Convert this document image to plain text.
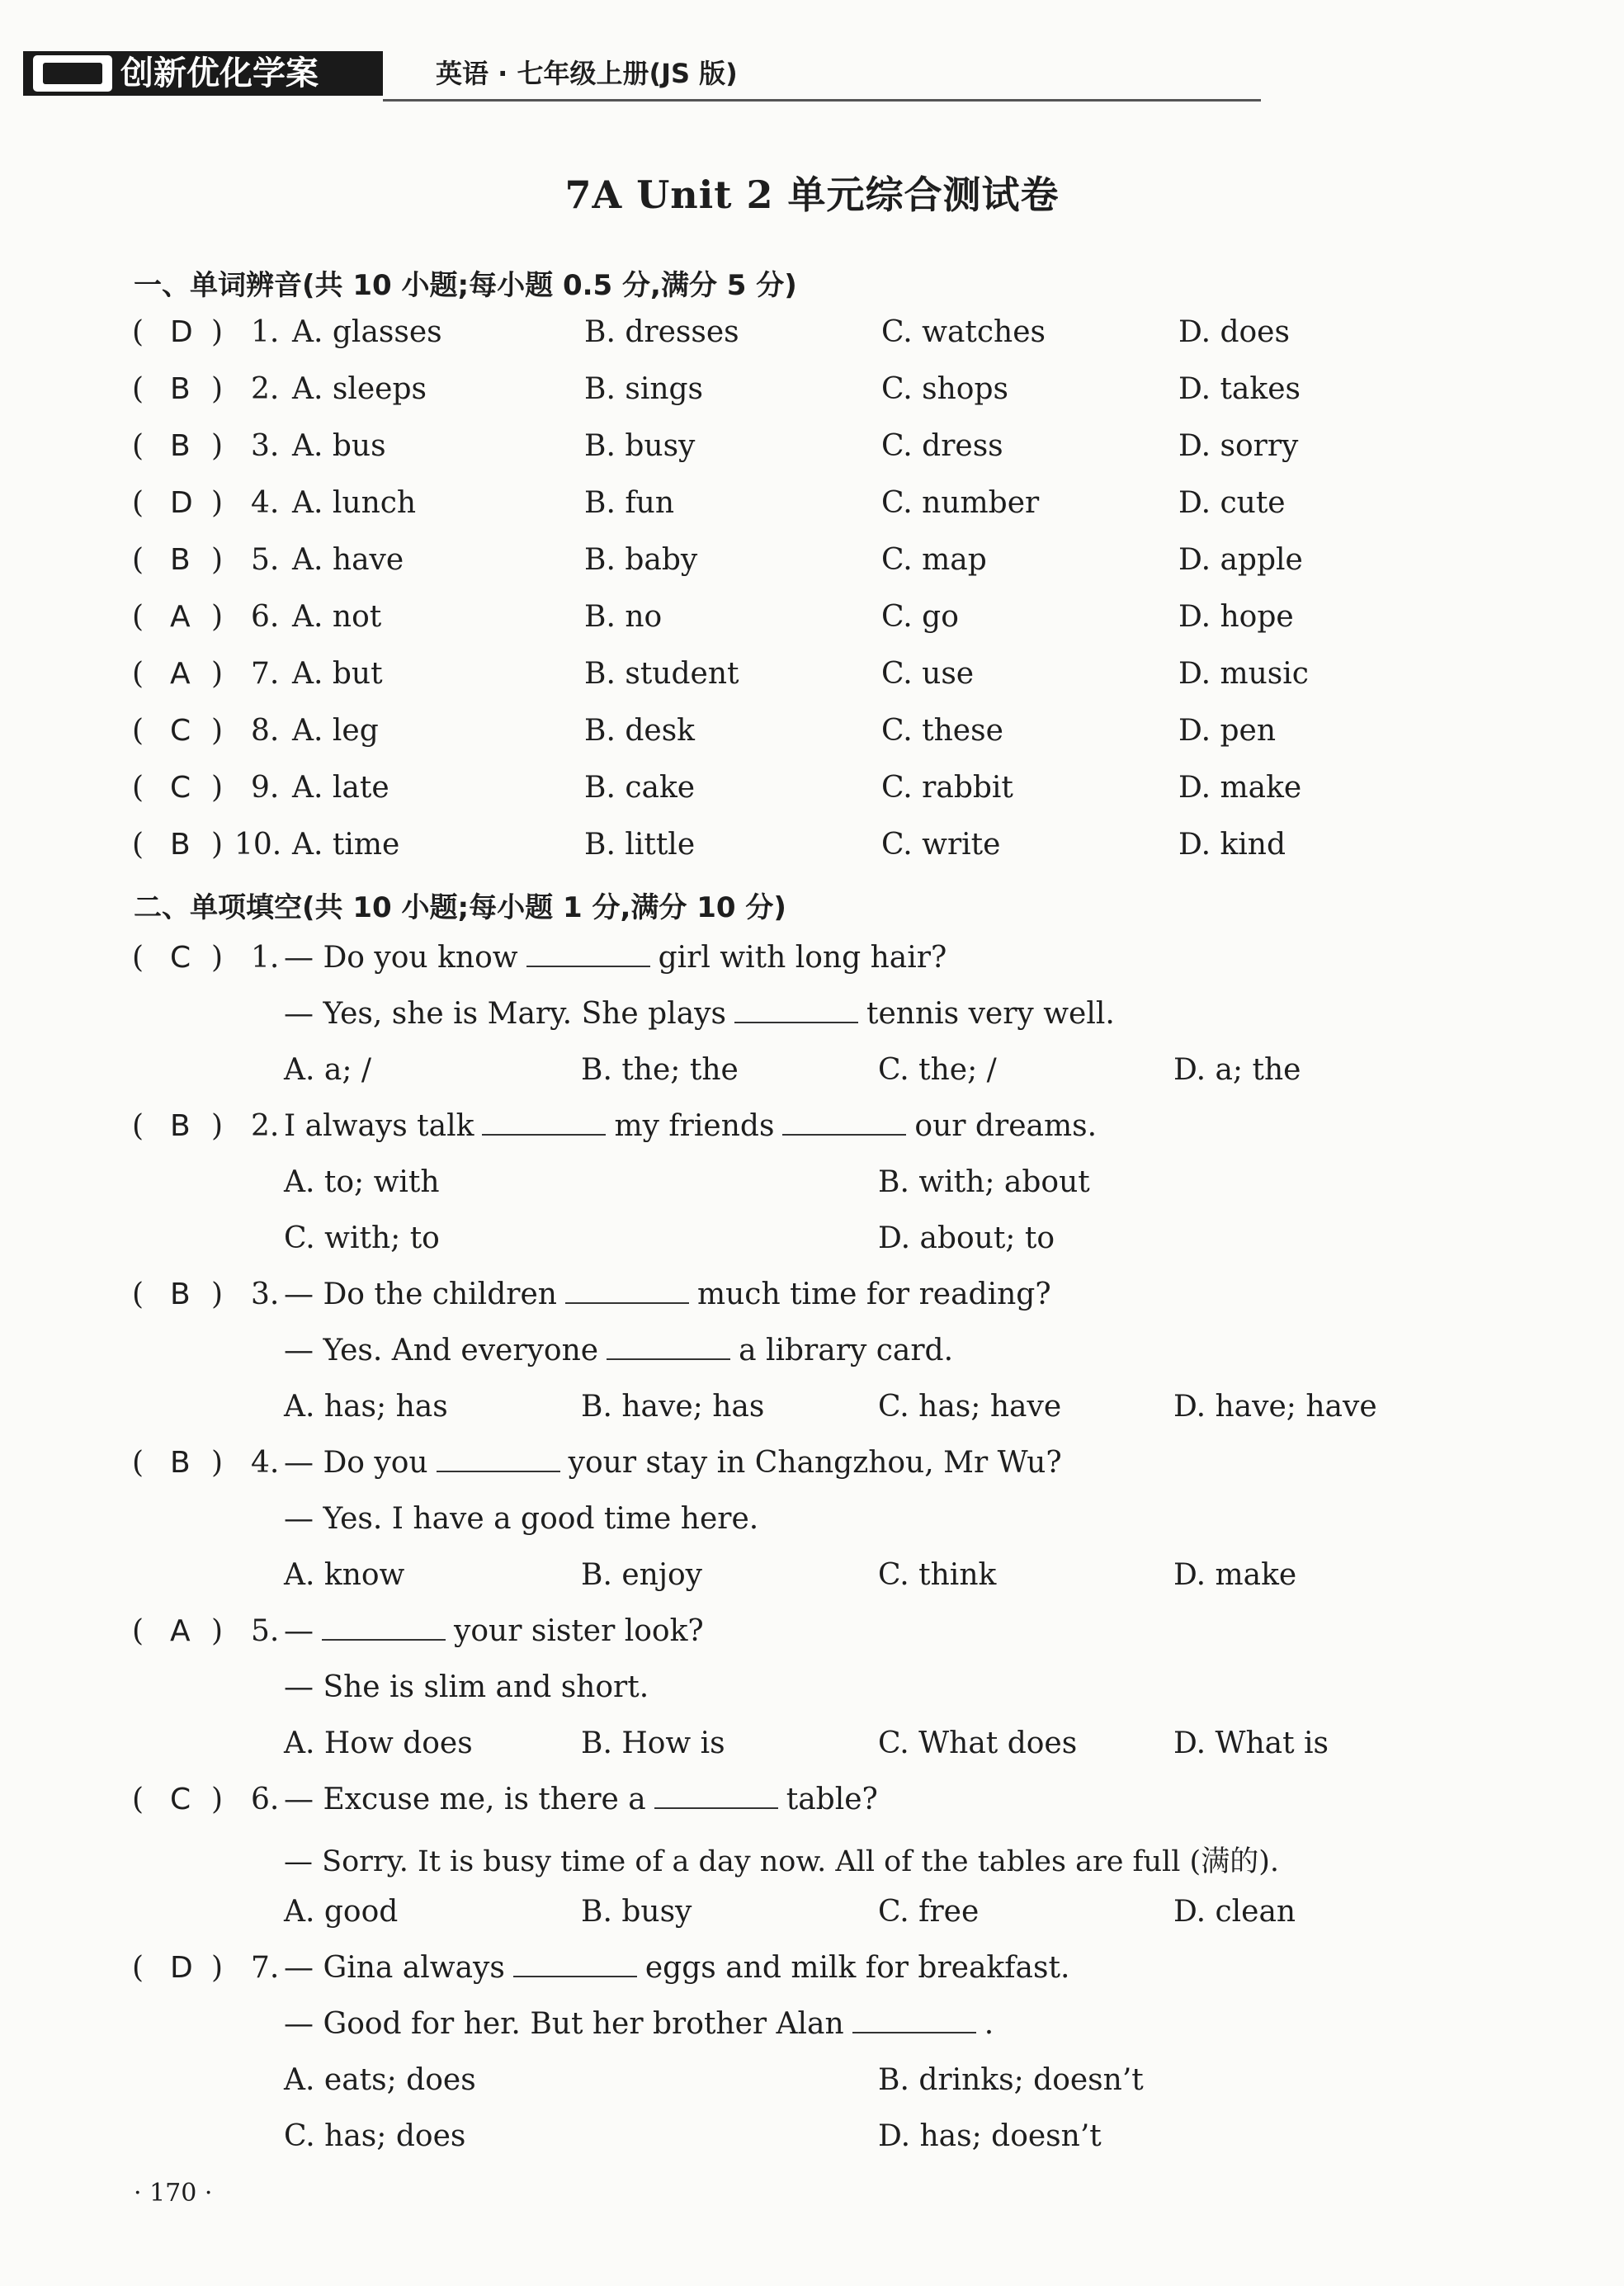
创新优化学案	英语 · 七年级上册(JS 版)
7A Unit 2 单元综合测试卷
一、单词辨音(共 10 小题;每小题 0.5 分,满分 5 分)
( D ) 1. A. glasses	B. dresses	C. watches	D. does
( B ) 2. A. sleeps	B. sings	C. shops	D. takes
( B ) 3. A. bus	B. busy	C. dress	D. sorry
( D ) 4. A. lunch	B. fun	C. number	D. cute
( B ) 5. A. have	B. baby	C. map	D. apple
( A ) 6. A. not	B. no	C. go	D. hope
( A ) 7. A. but	B. student	C. use	D. music
( C ) 8. A. leg	B. desk	C. these	D. pen
( C ) 9. A. late	B. cake	C. rabbit	D. make
( B ) 10. A. time	B. little	C. write	D. kind
二、单项填空(共 10 小题;每小题 1 分,满分 10 分)
( C ) 1. — Do you know	girl with long hair?
— Yes, she is Mary. She plays	tennis very well.
A. a; /	B. the; the	C. the; /	D. a; the
( B ) 2. I always talk	my friends	our dreams.
A. to; with	B. with; about
C. with; to	D. about; to
( B ) 3. — Do the children	much time for reading?
— Yes. And everyone	a library card.
A. has; has	B. have; has	C. has; have	D. have; have
( B ) 4. — Do you	your stay in Changzhou, Mr Wu?
— Yes. I have a good time here.
A. know	B. enjoy	C. think	D. make
( A ) 5. —	your sister look?
— She is slim and short.
A. How does	B. How is	C. What does	D. What is
( C ) 6. — Excuse me, is there a	table?
— Sorry. It is busy time of a day now. All of the tables are full (满的).
A. good	B. busy	C. free	D. clean
( D ) 7. — Gina always	eggs and milk for breakfast.
— Good for her. But her brother Alan	.
A. eats; does	B. drinks; doesn’t
C. has; does	D. has; doesn’t
· 170 ·
